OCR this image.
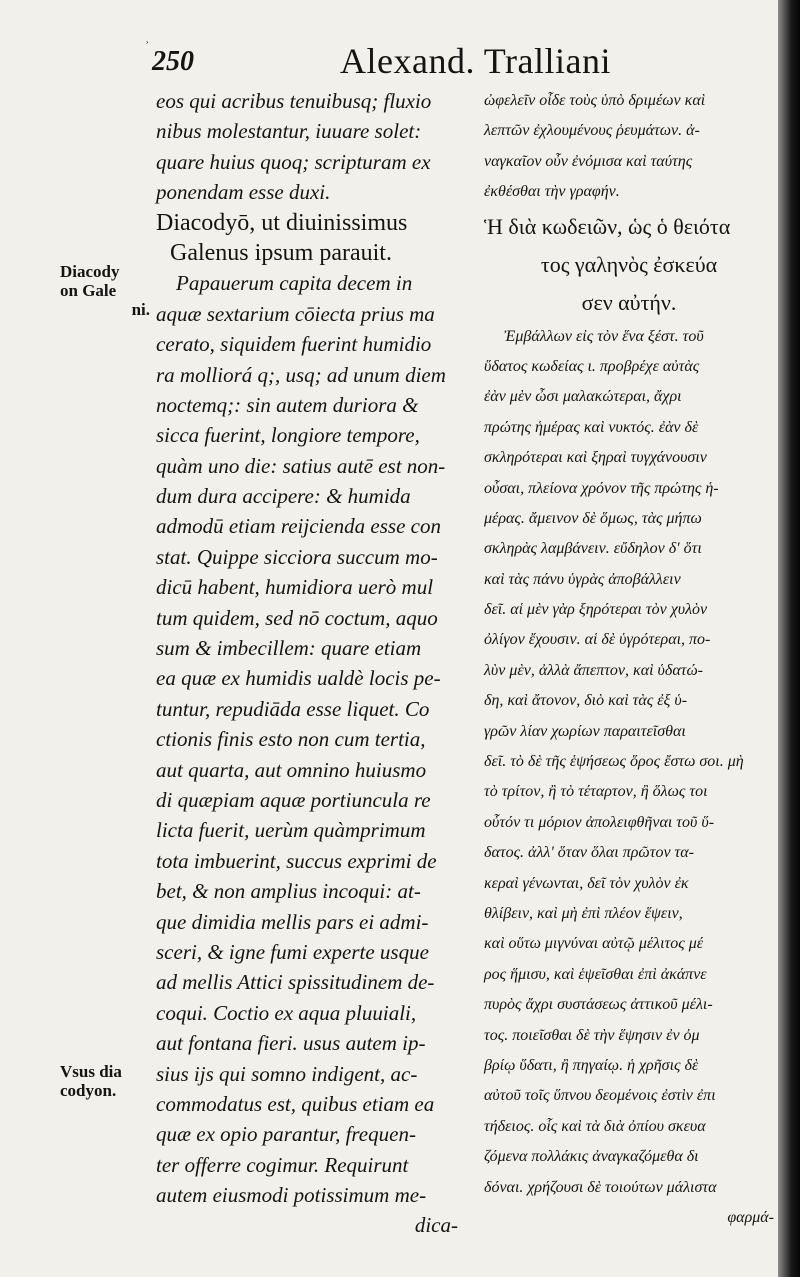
¸
250	Alexand. Tralliani
Diacody
on Gale
ni.
Vsus dia
codyon.
eos qui acribus tenuibusq; fluxio
nibus molestantur, iuuare solet:
quare huius quoq; scripturam ex
ponendam esse duxi.
Diacodyō, ut diuinissimus
Galenus ipsum parauit.
Papauerum capita decem in
aquæ sextarium cōiecta prius ma
cerato, siquidem fuerint humidio
ra molliorá q;, usq; ad unum diem
noctemq;: sin autem duriora &
sicca fuerint, longiore tempore,
quàm uno die: satius autē est non-
dum dura accipere: & humida
admodū etiam reijcienda esse con
stat. Quippe sicciora succum mo-
dicū habent, humidiora uerò mul
tum quidem, sed nō coctum, aquo
sum & imbecillem: quare etiam
ea quæ ex humidis ualdè locis pe-
tuntur, repudiāda esse liquet. Co
ctionis finis esto non cum tertia,
aut quarta, aut omnino huiusmo
di quæpiam aquæ portiuncula re
licta fuerit, uerùm quàmprimum
tota imbuerint, succus exprimi de
bet, & non amplius incoqui: at-
que dimidia mellis pars ei admi-
sceri, & igne fumi experte usque
ad mellis Attici spissitudinem de-
coqui. Coctio ex aqua pluuiali,
aut fontana fieri. usus autem ip-
sius ijs qui somno indigent, ac-
commodatus est, quibus etiam ea
quæ ex opio parantur, frequen-
ter offerre cogimur. Requirunt
autem eiusmodi potissimum me-
dica-
ὠφελεῖν οἶδε τοὺς ὑπὸ δριμέων καὶ
λεπτῶν ἐχλουμένους ῥευμάτων. ἀ-
ναγκαῖον οὖν ἐνόμισα καὶ ταύτης
ἐκθέσθαι τὴν γραφήν.
Ἡ διὰ κωδειῶν, ὡς ὁ θειότα
τος γαληνὸς ἐσκεύα
σεν αὐτήν.
Ἐμβάλλων εἰς τὸν ἕνα ξέστ. τοῦ
ὕδατος κωδείας ι. προβρέχε αὐτὰς
ἐὰν μὲν ὦσι μαλακώτεραι, ἄχρι
πρώτης ἡμέρας καὶ νυκτός. ἐὰν δὲ
σκληρότεραι καὶ ξηραὶ τυγχάνουσιν
οὖσαι, πλείονα χρόνον τῆς πρώτης ἡ-
μέρας. ἄμεινον δὲ ὅμως, τὰς μήπω
σκληρὰς λαμβάνειν. εὔδηλον δ' ὅτι
καὶ τὰς πάνυ ὑγρὰς ἀποβάλλειν
δεῖ. αἱ μὲν γὰρ ξηρότεραι τὸν χυλὸν
ὀλίγον ἔχουσιν. αἱ δὲ ὑγρότεραι, πο-
λὺν μὲν, ἀλλὰ ἄπεπτον, καὶ ὑδατώ-
δη, καὶ ἄτονον, διὸ καὶ τὰς ἐξ ὑ-
γρῶν λίαν χωρίων παραιτεῖσθαι
δεῖ. τὸ δὲ τῆς ἑψήσεως ὅρος ἔστω σοι. μὴ
τὸ τρίτον, ἢ τὸ τέταρτον, ἢ ὅλως τοι
οὖτόν τι μόριον ἀπολειφθῆναι τοῦ ὕ-
δατος. ἀλλ' ὅταν ὅλαι πρῶτον τα-
κεραὶ γένωνται, δεῖ τὸν χυλὸν ἐκ
θλίβειν, καὶ μὴ ἐπὶ πλέον ἕψειν,
καὶ οὕτω μιγνύναι αὐτῷ μέλιτος μέ
ρος ἥμισυ, καὶ ἑψεῖσθαι ἐπὶ ἀκάπνε
πυρὸς ἄχρι συστάσεως ἀττικοῦ μέλι-
τος. ποιεῖσθαι δὲ τὴν ἕψησιν ἐν ὀμ
βρίῳ ὕδατι, ἢ πηγαίῳ. ἡ χρῆσις δὲ
αὐτοῦ τοῖς ὕπνου δεομένοις ἐστὶν ἐπι
τήδειος. οἷς καὶ τὰ διὰ ὀπίου σκευα
ζόμενα πολλάκις ἀναγκαζόμεθα δι
δόναι. χρήζουσι δὲ τοιούτων μάλιστα
φαρμά-
